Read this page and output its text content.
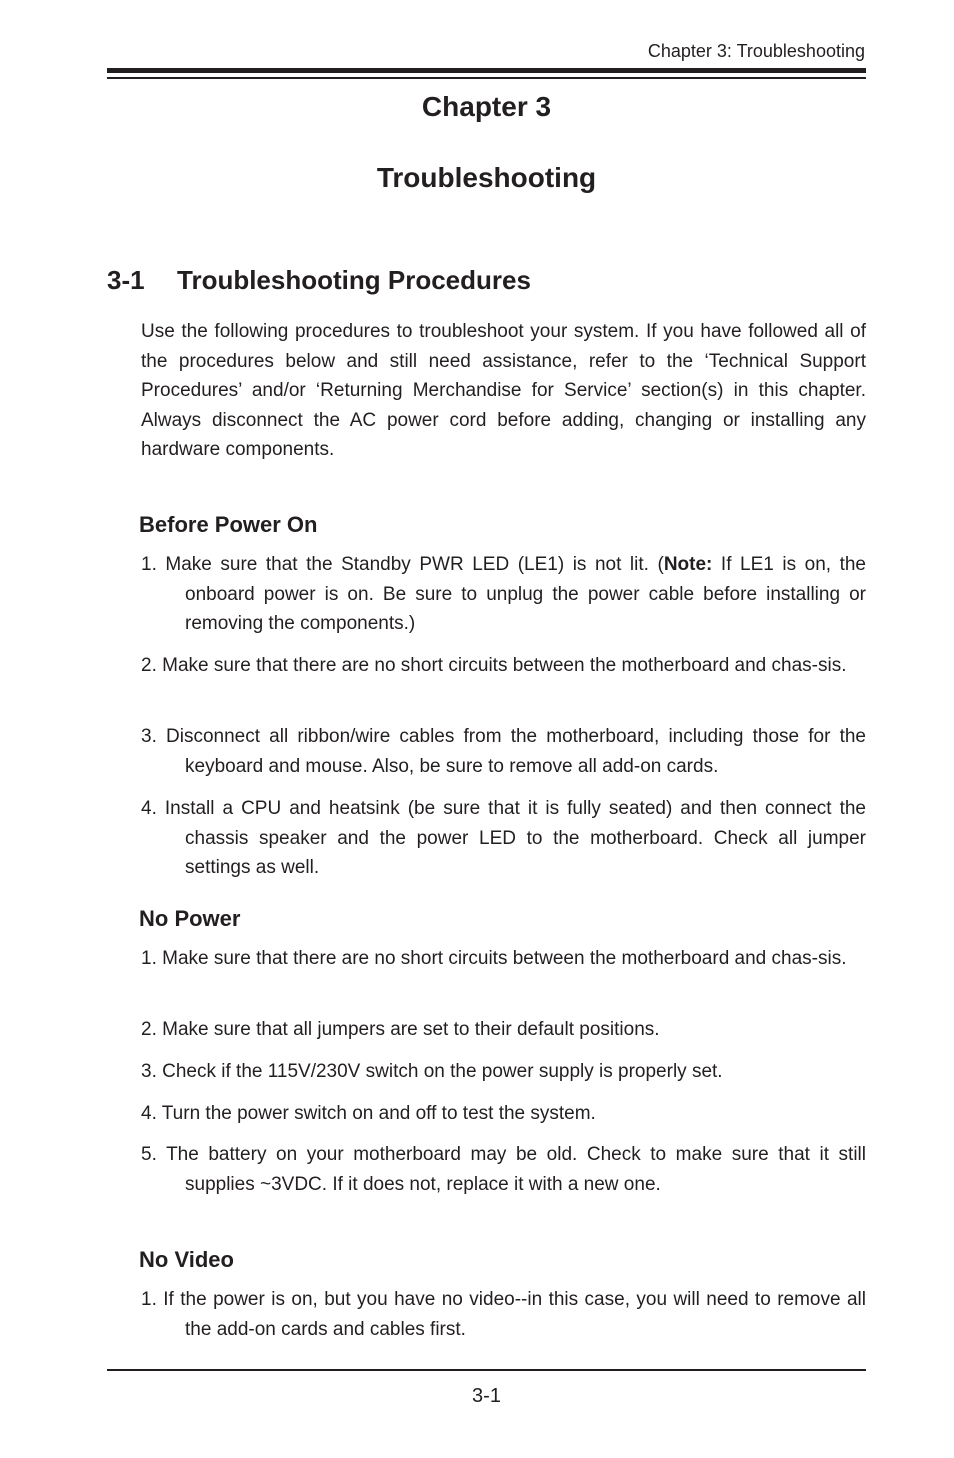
Chapter 3: Troubleshooting
Chapter 3
Troubleshooting
3-1 Troubleshooting Procedures
Use the following procedures to troubleshoot your system. If you have followed all of the procedures below and still need assistance, refer to the ‘Technical Support Procedures’ and/or ‘Returning Merchandise for Service’ section(s) in this chapter. Always disconnect the AC power cord before adding, changing or installing any hardware components.
Before Power On
1. Make sure that the Standby PWR LED (LE1) is not lit. (Note: If LE1 is on, the onboard power is on. Be sure to unplug the power cable before installing or removing the components.)
2. Make sure that there are no short circuits between the motherboard and chas-sis.
3. Disconnect all ribbon/wire cables from the motherboard, including those for the keyboard and mouse. Also, be sure to remove all add-on cards.
4. Install a CPU and heatsink (be sure that it is fully seated) and then connect the chassis speaker and the power LED to the motherboard. Check all jumper settings as well.
No Power
1. Make sure that there are no short circuits between the motherboard and chas-sis.
2. Make sure that all jumpers are set to their default positions.
3. Check if the 115V/230V switch on the power supply is properly set.
4. Turn the power switch on and off to test the system.
5. The battery on your motherboard may be old. Check to make sure that it still supplies ~3VDC. If it does not, replace it with a new one.
No Video
1. If the power is on, but you have no video--in this case, you will need to remove all the add-on cards and cables first.
3-1
